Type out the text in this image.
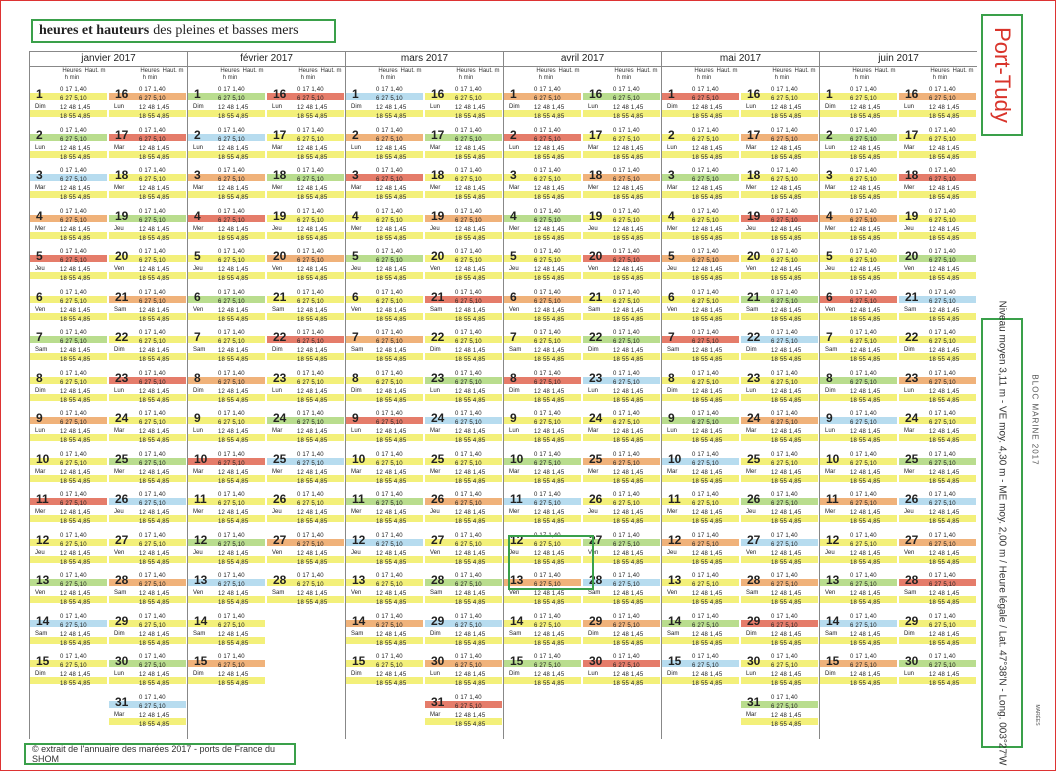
heures et hauteurs des pleines et basses mers	Port-Tudy
Niveau moyen 3,11 m - VE moy. 4,30 m - ME moy. 2,00 m / Heure légale / Lat. 47°38'N - Long. 003°27'W	BLOC MARINE 2017
MARÉES
janvier 2017
Heures h min
Haut. m	Heures h min
Haut. m
1
Dim
0 17 1,40
6 27 5,10
12 48 1,45
18 55 4,85
2
Lun
0 17 1,40
6 27 5,10
12 48 1,45
18 55 4,85
3
Mar
0 17 1,40
6 27 5,10
12 48 1,45
18 55 4,85
4
Mer
0 17 1,40
6 27 5,10
12 48 1,45
18 55 4,85
5
Jeu
0 17 1,40
6 27 5,10
12 48 1,45
18 55 4,85
6
Ven
0 17 1,40
6 27 5,10
12 48 1,45
18 55 4,85
7
Sam
0 17 1,40
6 27 5,10
12 48 1,45
18 55 4,85
8
Dim
0 17 1,40
6 27 5,10
12 48 1,45
18 55 4,85
9
Lun
0 17 1,40
6 27 5,10
12 48 1,45
18 55 4,85
10
Mar
0 17 1,40
6 27 5,10
12 48 1,45
18 55 4,85
11
Mer
0 17 1,40
6 27 5,10
12 48 1,45
18 55 4,85
12
Jeu
0 17 1,40
6 27 5,10
12 48 1,45
18 55 4,85
13
Ven
0 17 1,40
6 27 5,10
12 48 1,45
18 55 4,85
14
Sam
0 17 1,40
6 27 5,10
12 48 1,45
18 55 4,85
15
Dim
0 17 1,40
6 27 5,10
12 48 1,45
18 55 4,85
16
Lun
0 17 1,40
6 27 5,10
12 48 1,45
18 55 4,85
17
Mar
0 17 1,40
6 27 5,10
12 48 1,45
18 55 4,85
18
Mer
0 17 1,40
6 27 5,10
12 48 1,45
18 55 4,85
19
Jeu
0 17 1,40
6 27 5,10
12 48 1,45
18 55 4,85
20
Ven
0 17 1,40
6 27 5,10
12 48 1,45
18 55 4,85
21
Sam
0 17 1,40
6 27 5,10
12 48 1,45
18 55 4,85
22
Dim
0 17 1,40
6 27 5,10
12 48 1,45
18 55 4,85
23
Lun
0 17 1,40
6 27 5,10
12 48 1,45
18 55 4,85
24
Mar
0 17 1,40
6 27 5,10
12 48 1,45
18 55 4,85
25
Mer
0 17 1,40
6 27 5,10
12 48 1,45
18 55 4,85
26
Jeu
0 17 1,40
6 27 5,10
12 48 1,45
18 55 4,85
27
Ven
0 17 1,40
6 27 5,10
12 48 1,45
18 55 4,85
28
Sam
0 17 1,40
6 27 5,10
12 48 1,45
18 55 4,85
29
Dim
0 17 1,40
6 27 5,10
12 48 1,45
18 55 4,85
30
Lun
0 17 1,40
6 27 5,10
12 48 1,45
18 55 4,85
31
Mar
0 17 1,40
6 27 5,10
12 48 1,45
18 55 4,85
février 2017
Heures h min
Haut. m	Heures h min
Haut. m
1
Dim
0 17 1,40
6 27 5,10
12 48 1,45
18 55 4,85
2
Lun
0 17 1,40
6 27 5,10
12 48 1,45
18 55 4,85
3
Mar
0 17 1,40
6 27 5,10
12 48 1,45
18 55 4,85
4
Mer
0 17 1,40
6 27 5,10
12 48 1,45
18 55 4,85
5
Jeu
0 17 1,40
6 27 5,10
12 48 1,45
18 55 4,85
6
Ven
0 17 1,40
6 27 5,10
12 48 1,45
18 55 4,85
7
Sam
0 17 1,40
6 27 5,10
12 48 1,45
18 55 4,85
8
Dim
0 17 1,40
6 27 5,10
12 48 1,45
18 55 4,85
9
Lun
0 17 1,40
6 27 5,10
12 48 1,45
18 55 4,85
10
Mar
0 17 1,40
6 27 5,10
12 48 1,45
18 55 4,85
11
Mer
0 17 1,40
6 27 5,10
12 48 1,45
18 55 4,85
12
Jeu
0 17 1,40
6 27 5,10
12 48 1,45
18 55 4,85
13
Ven
0 17 1,40
6 27 5,10
12 48 1,45
18 55 4,85
14
Sam
0 17 1,40
6 27 5,10
12 48 1,45
18 55 4,85
15
Dim
0 17 1,40
6 27 5,10
12 48 1,45
18 55 4,85
16
Lun
0 17 1,40
6 27 5,10
12 48 1,45
18 55 4,85
17
Mar
0 17 1,40
6 27 5,10
12 48 1,45
18 55 4,85
18
Mer
0 17 1,40
6 27 5,10
12 48 1,45
18 55 4,85
19
Jeu
0 17 1,40
6 27 5,10
12 48 1,45
18 55 4,85
20
Ven
0 17 1,40
6 27 5,10
12 48 1,45
18 55 4,85
21
Sam
0 17 1,40
6 27 5,10
12 48 1,45
18 55 4,85
22
Dim
0 17 1,40
6 27 5,10
12 48 1,45
18 55 4,85
23
Lun
0 17 1,40
6 27 5,10
12 48 1,45
18 55 4,85
24
Mar
0 17 1,40
6 27 5,10
12 48 1,45
18 55 4,85
25
Mer
0 17 1,40
6 27 5,10
12 48 1,45
18 55 4,85
26
Jeu
0 17 1,40
6 27 5,10
12 48 1,45
18 55 4,85
27
Ven
0 17 1,40
6 27 5,10
12 48 1,45
18 55 4,85
28
Sam
0 17 1,40
6 27 5,10
12 48 1,45
18 55 4,85
mars 2017
Heures h min
Haut. m	Heures h min
Haut. m
1
Dim
0 17 1,40
6 27 5,10
12 48 1,45
18 55 4,85
2
Lun
0 17 1,40
6 27 5,10
12 48 1,45
18 55 4,85
3
Mar
0 17 1,40
6 27 5,10
12 48 1,45
18 55 4,85
4
Mer
0 17 1,40
6 27 5,10
12 48 1,45
18 55 4,85
5
Jeu
0 17 1,40
6 27 5,10
12 48 1,45
18 55 4,85
6
Ven
0 17 1,40
6 27 5,10
12 48 1,45
18 55 4,85
7
Sam
0 17 1,40
6 27 5,10
12 48 1,45
18 55 4,85
8
Dim
0 17 1,40
6 27 5,10
12 48 1,45
18 55 4,85
9
Lun
0 17 1,40
6 27 5,10
12 48 1,45
18 55 4,85
10
Mar
0 17 1,40
6 27 5,10
12 48 1,45
18 55 4,85
11
Mer
0 17 1,40
6 27 5,10
12 48 1,45
18 55 4,85
12
Jeu
0 17 1,40
6 27 5,10
12 48 1,45
18 55 4,85
13
Ven
0 17 1,40
6 27 5,10
12 48 1,45
18 55 4,85
14
Sam
0 17 1,40
6 27 5,10
12 48 1,45
18 55 4,85
15
Dim
0 17 1,40
6 27 5,10
12 48 1,45
18 55 4,85
16
Lun
0 17 1,40
6 27 5,10
12 48 1,45
18 55 4,85
17
Mar
0 17 1,40
6 27 5,10
12 48 1,45
18 55 4,85
18
Mer
0 17 1,40
6 27 5,10
12 48 1,45
18 55 4,85
19
Jeu
0 17 1,40
6 27 5,10
12 48 1,45
18 55 4,85
20
Ven
0 17 1,40
6 27 5,10
12 48 1,45
18 55 4,85
21
Sam
0 17 1,40
6 27 5,10
12 48 1,45
18 55 4,85
22
Dim
0 17 1,40
6 27 5,10
12 48 1,45
18 55 4,85
23
Lun
0 17 1,40
6 27 5,10
12 48 1,45
18 55 4,85
24
Mar
0 17 1,40
6 27 5,10
12 48 1,45
18 55 4,85
25
Mer
0 17 1,40
6 27 5,10
12 48 1,45
18 55 4,85
26
Jeu
0 17 1,40
6 27 5,10
12 48 1,45
18 55 4,85
27
Ven
0 17 1,40
6 27 5,10
12 48 1,45
18 55 4,85
28
Sam
0 17 1,40
6 27 5,10
12 48 1,45
18 55 4,85
29
Dim
0 17 1,40
6 27 5,10
12 48 1,45
18 55 4,85
30
Lun
0 17 1,40
6 27 5,10
12 48 1,45
18 55 4,85
31
Mar
0 17 1,40
6 27 5,10
12 48 1,45
18 55 4,85
avril 2017
Heures h min
Haut. m	Heures h min
Haut. m
1
Dim
0 17 1,40
6 27 5,10
12 48 1,45
18 55 4,85
2
Lun
0 17 1,40
6 27 5,10
12 48 1,45
18 55 4,85
3
Mar
0 17 1,40
6 27 5,10
12 48 1,45
18 55 4,85
4
Mer
0 17 1,40
6 27 5,10
12 48 1,45
18 55 4,85
5
Jeu
0 17 1,40
6 27 5,10
12 48 1,45
18 55 4,85
6
Ven
0 17 1,40
6 27 5,10
12 48 1,45
18 55 4,85
7
Sam
0 17 1,40
6 27 5,10
12 48 1,45
18 55 4,85
8
Dim
0 17 1,40
6 27 5,10
12 48 1,45
18 55 4,85
9
Lun
0 17 1,40
6 27 5,10
12 48 1,45
18 55 4,85
10
Mar
0 17 1,40
6 27 5,10
12 48 1,45
18 55 4,85
11
Mer
0 17 1,40
6 27 5,10
12 48 1,45
18 55 4,85
12
Jeu
0 17 1,40
6 27 5,10
12 48 1,45
18 55 4,85
13
Ven
0 17 1,40
6 27 5,10
12 48 1,45
18 55 4,85
14
Sam
0 17 1,40
6 27 5,10
12 48 1,45
18 55 4,85
15
Dim
0 17 1,40
6 27 5,10
12 48 1,45
18 55 4,85
16
Lun
0 17 1,40
6 27 5,10
12 48 1,45
18 55 4,85
17
Mar
0 17 1,40
6 27 5,10
12 48 1,45
18 55 4,85
18
Mer
0 17 1,40
6 27 5,10
12 48 1,45
18 55 4,85
19
Jeu
0 17 1,40
6 27 5,10
12 48 1,45
18 55 4,85
20
Ven
0 17 1,40
6 27 5,10
12 48 1,45
18 55 4,85
21
Sam
0 17 1,40
6 27 5,10
12 48 1,45
18 55 4,85
22
Dim
0 17 1,40
6 27 5,10
12 48 1,45
18 55 4,85
23
Lun
0 17 1,40
6 27 5,10
12 48 1,45
18 55 4,85
24
Mar
0 17 1,40
6 27 5,10
12 48 1,45
18 55 4,85
25
Mer
0 17 1,40
6 27 5,10
12 48 1,45
18 55 4,85
26
Jeu
0 17 1,40
6 27 5,10
12 48 1,45
18 55 4,85
27
Ven
0 17 1,40
6 27 5,10
12 48 1,45
18 55 4,85
28
Sam
0 17 1,40
6 27 5,10
12 48 1,45
18 55 4,85
29
Dim
0 17 1,40
6 27 5,10
12 48 1,45
18 55 4,85
30
Lun
0 17 1,40
6 27 5,10
12 48 1,45
18 55 4,85
mai 2017
Heures h min
Haut. m	Heures h min
Haut. m
1
Dim
0 17 1,40
6 27 5,10
12 48 1,45
18 55 4,85
2
Lun
0 17 1,40
6 27 5,10
12 48 1,45
18 55 4,85
3
Mar
0 17 1,40
6 27 5,10
12 48 1,45
18 55 4,85
4
Mer
0 17 1,40
6 27 5,10
12 48 1,45
18 55 4,85
5
Jeu
0 17 1,40
6 27 5,10
12 48 1,45
18 55 4,85
6
Ven
0 17 1,40
6 27 5,10
12 48 1,45
18 55 4,85
7
Sam
0 17 1,40
6 27 5,10
12 48 1,45
18 55 4,85
8
Dim
0 17 1,40
6 27 5,10
12 48 1,45
18 55 4,85
9
Lun
0 17 1,40
6 27 5,10
12 48 1,45
18 55 4,85
10
Mar
0 17 1,40
6 27 5,10
12 48 1,45
18 55 4,85
11
Mer
0 17 1,40
6 27 5,10
12 48 1,45
18 55 4,85
12
Jeu
0 17 1,40
6 27 5,10
12 48 1,45
18 55 4,85
13
Ven
0 17 1,40
6 27 5,10
12 48 1,45
18 55 4,85
14
Sam
0 17 1,40
6 27 5,10
12 48 1,45
18 55 4,85
15
Dim
0 17 1,40
6 27 5,10
12 48 1,45
18 55 4,85
16
Lun
0 17 1,40
6 27 5,10
12 48 1,45
18 55 4,85
17
Mar
0 17 1,40
6 27 5,10
12 48 1,45
18 55 4,85
18
Mer
0 17 1,40
6 27 5,10
12 48 1,45
18 55 4,85
19
Jeu
0 17 1,40
6 27 5,10
12 48 1,45
18 55 4,85
20
Ven
0 17 1,40
6 27 5,10
12 48 1,45
18 55 4,85
21
Sam
0 17 1,40
6 27 5,10
12 48 1,45
18 55 4,85
22
Dim
0 17 1,40
6 27 5,10
12 48 1,45
18 55 4,85
23
Lun
0 17 1,40
6 27 5,10
12 48 1,45
18 55 4,85
24
Mar
0 17 1,40
6 27 5,10
12 48 1,45
18 55 4,85
25
Mer
0 17 1,40
6 27 5,10
12 48 1,45
18 55 4,85
26
Jeu
0 17 1,40
6 27 5,10
12 48 1,45
18 55 4,85
27
Ven
0 17 1,40
6 27 5,10
12 48 1,45
18 55 4,85
28
Sam
0 17 1,40
6 27 5,10
12 48 1,45
18 55 4,85
29
Dim
0 17 1,40
6 27 5,10
12 48 1,45
18 55 4,85
30
Lun
0 17 1,40
6 27 5,10
12 48 1,45
18 55 4,85
31
Mar
0 17 1,40
6 27 5,10
12 48 1,45
18 55 4,85
juin 2017
Heures h min
Haut. m	Heures h min
Haut. m
1
Dim
0 17 1,40
6 27 5,10
12 48 1,45
18 55 4,85
2
Lun
0 17 1,40
6 27 5,10
12 48 1,45
18 55 4,85
3
Mar
0 17 1,40
6 27 5,10
12 48 1,45
18 55 4,85
4
Mer
0 17 1,40
6 27 5,10
12 48 1,45
18 55 4,85
5
Jeu
0 17 1,40
6 27 5,10
12 48 1,45
18 55 4,85
6
Ven
0 17 1,40
6 27 5,10
12 48 1,45
18 55 4,85
7
Sam
0 17 1,40
6 27 5,10
12 48 1,45
18 55 4,85
8
Dim
0 17 1,40
6 27 5,10
12 48 1,45
18 55 4,85
9
Lun
0 17 1,40
6 27 5,10
12 48 1,45
18 55 4,85
10
Mar
0 17 1,40
6 27 5,10
12 48 1,45
18 55 4,85
11
Mer
0 17 1,40
6 27 5,10
12 48 1,45
18 55 4,85
12
Jeu
0 17 1,40
6 27 5,10
12 48 1,45
18 55 4,85
13
Ven
0 17 1,40
6 27 5,10
12 48 1,45
18 55 4,85
14
Sam
0 17 1,40
6 27 5,10
12 48 1,45
18 55 4,85
15
Dim
0 17 1,40
6 27 5,10
12 48 1,45
18 55 4,85
16
Lun
0 17 1,40
6 27 5,10
12 48 1,45
18 55 4,85
17
Mar
0 17 1,40
6 27 5,10
12 48 1,45
18 55 4,85
18
Mer
0 17 1,40
6 27 5,10
12 48 1,45
18 55 4,85
19
Jeu
0 17 1,40
6 27 5,10
12 48 1,45
18 55 4,85
20
Ven
0 17 1,40
6 27 5,10
12 48 1,45
18 55 4,85
21
Sam
0 17 1,40
6 27 5,10
12 48 1,45
18 55 4,85
22
Dim
0 17 1,40
6 27 5,10
12 48 1,45
18 55 4,85
23
Lun
0 17 1,40
6 27 5,10
12 48 1,45
18 55 4,85
24
Mar
0 17 1,40
6 27 5,10
12 48 1,45
18 55 4,85
25
Mer
0 17 1,40
6 27 5,10
12 48 1,45
18 55 4,85
26
Jeu
0 17 1,40
6 27 5,10
12 48 1,45
18 55 4,85
27
Ven
0 17 1,40
6 27 5,10
12 48 1,45
18 55 4,85
28
Sam
0 17 1,40
6 27 5,10
12 48 1,45
18 55 4,85
29
Dim
0 17 1,40
6 27 5,10
12 48 1,45
18 55 4,85
30
Lun
0 17 1,40
6 27 5,10
12 48 1,45
18 55 4,85
© extrait de l'annuaire des marées 2017 - ports de France du SHOM
